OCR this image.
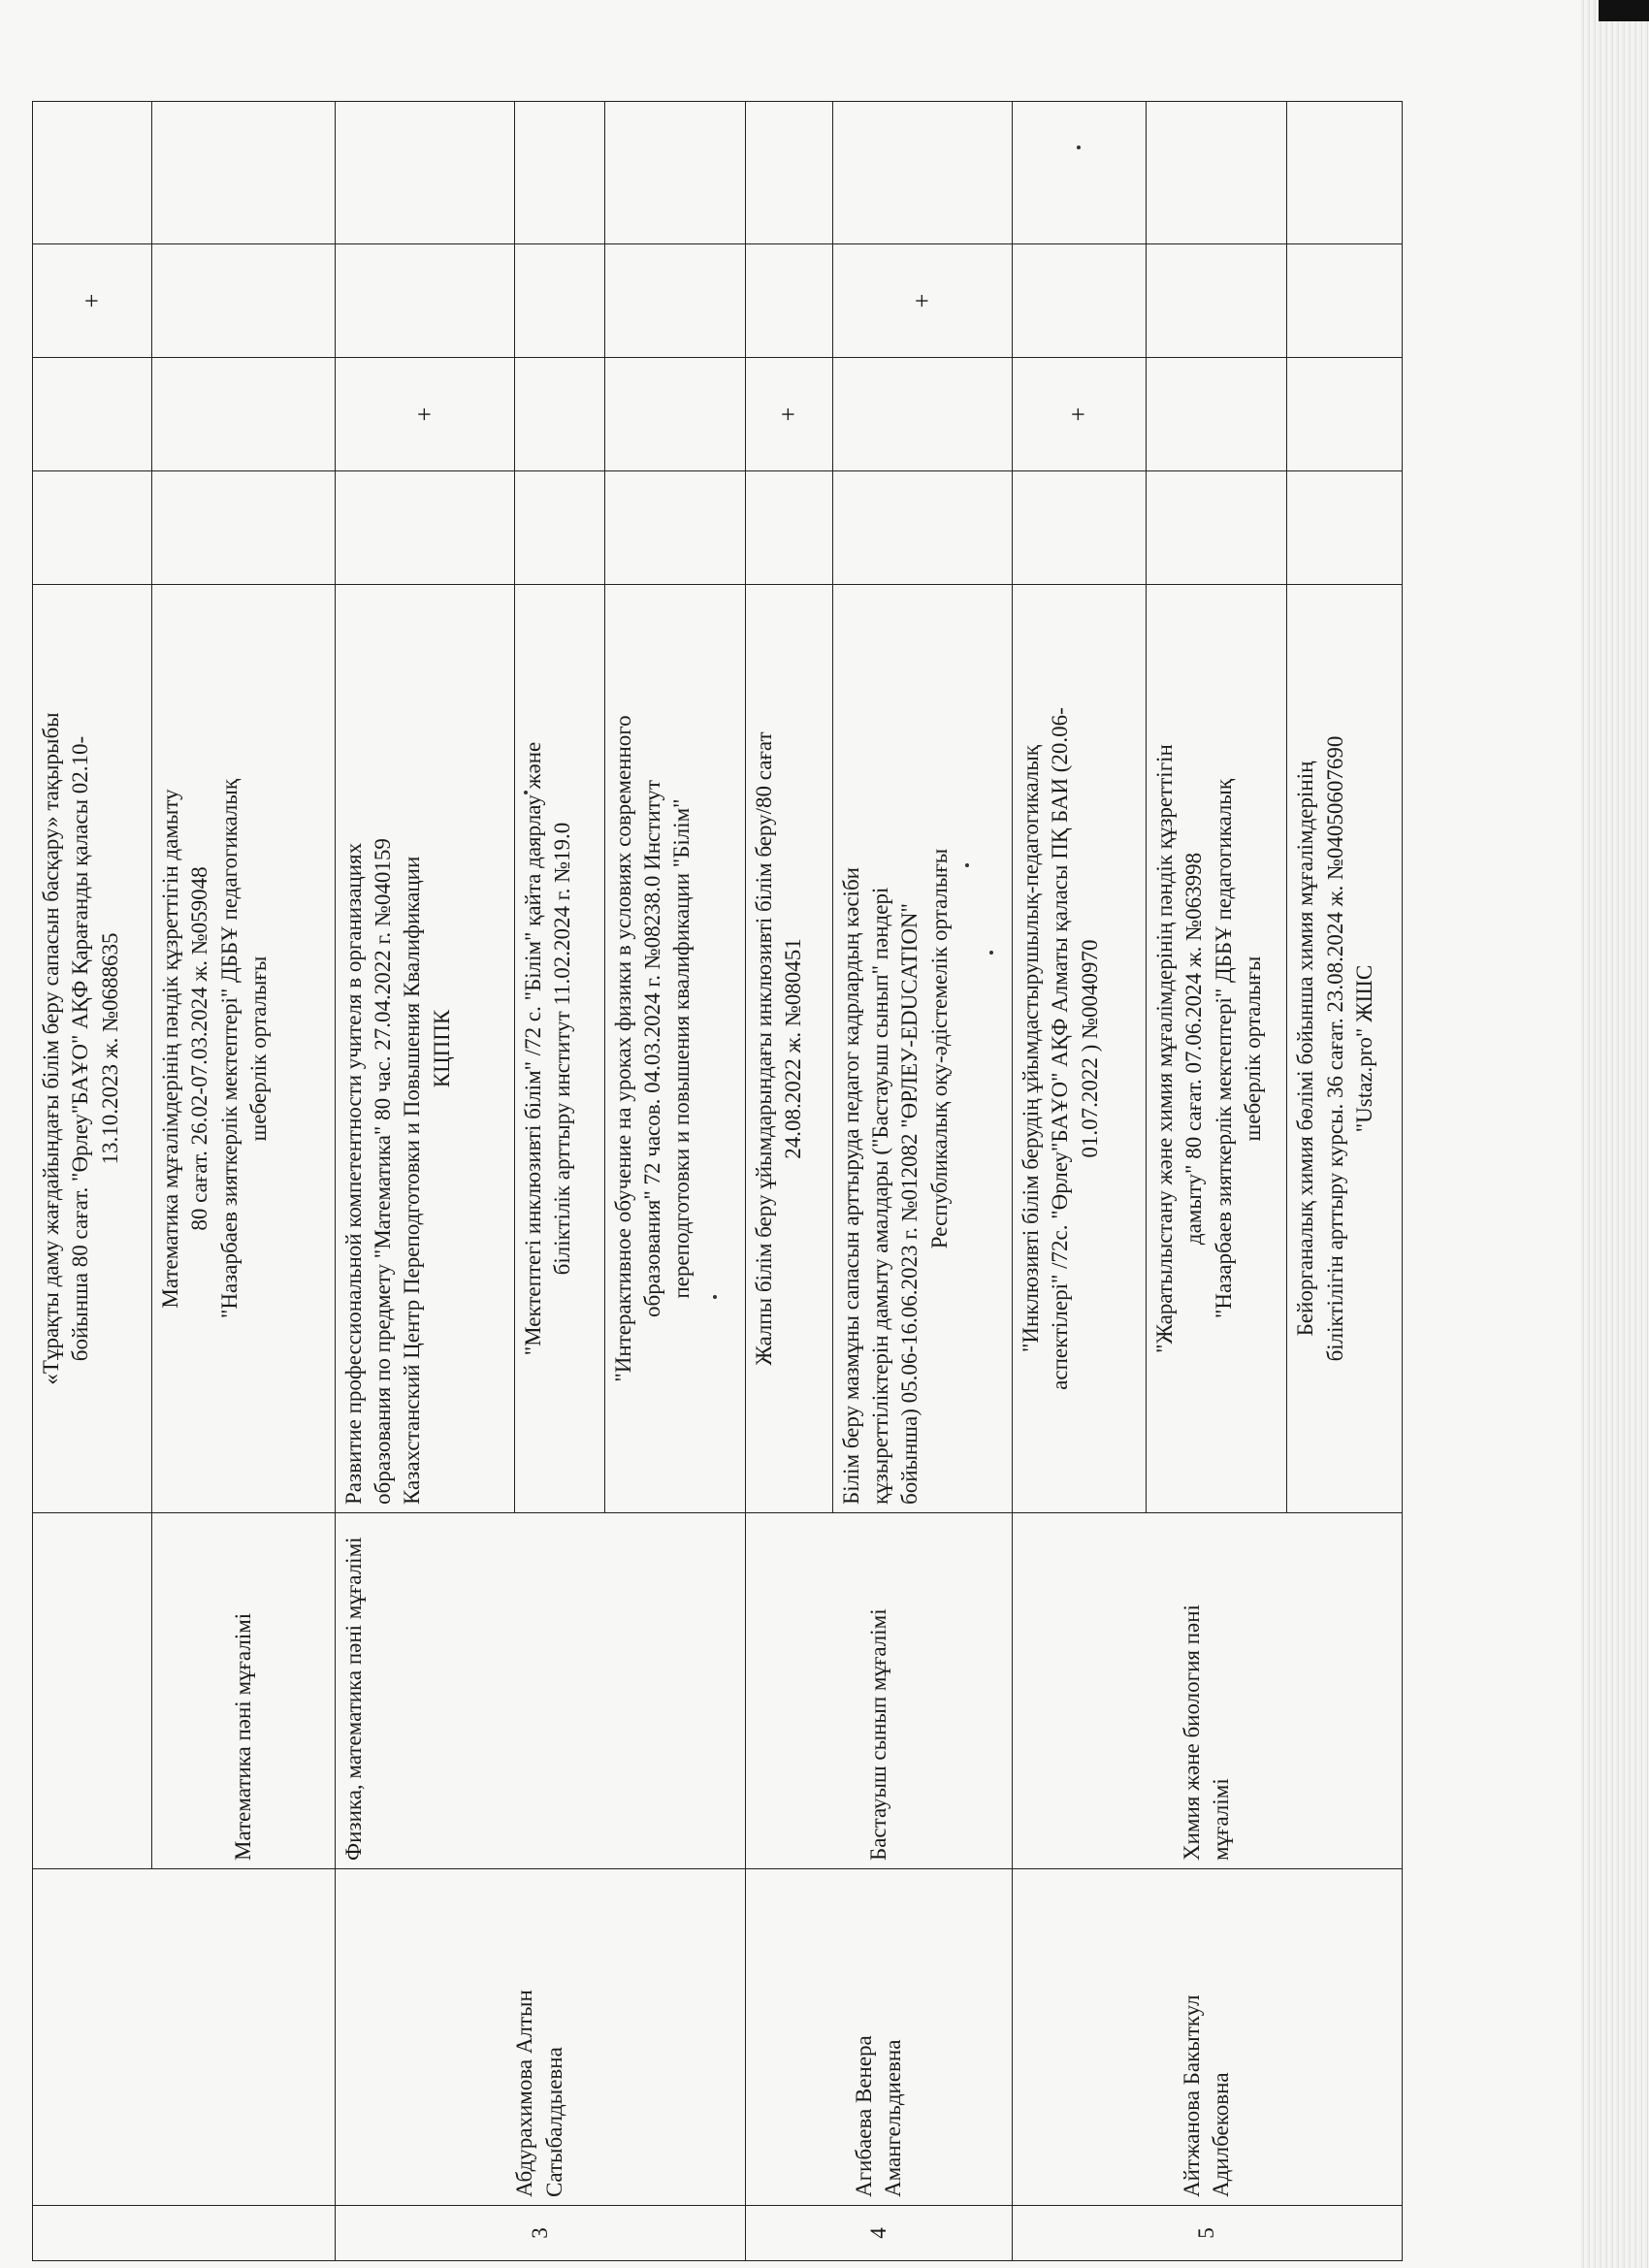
			«Тұрақты даму жағдайындағы білім беру сапасын басқару» тақырыбы бойынша 80 сағат. "Өрлеу"БАҰО" АҚФ Қарағанды қаласы 02.10- 13.10.2023 ж. №0688635			+	
		Математика пәні мұғалімі	Математика мұғалімдерінің пәндік құзреттігін дамыту 80 сағат. 26.02-07.03.2024 ж. №059048 "Назарбаев зияткерлік мектептері" ДББҰ педагогикалық шеберлік орталығы				

3	Абдурахимова Алтын Сатыбалдыевна	Физика, математика пәні мұғалімі	Развитие профессиональной компетентности учителя в организациях образования по предмету "Математика" 80 час. 27.04.2022 г. №040159 Казахстанский Центр Переподготовки и Повышения Квалификации КЦППК		+		

			"Мектептегі инклюзивті білім" /72 с. "Білім" қайта даярлау және біліктілік арттыру институт 11.02.2024 г. №19.0				

			"Интерактивное обучение на уроках физики в условиях современного образования" 72 часов. 04.03.2024 г. №08238.0 Институт переподготовки и повышения квалификации "Білім"				

4	Агибаева Венера Амангельдиевна	Бастауыш сынып мұғалімі	Жалпы білім беру ұйымдарындағы инклюзивті білім беру/80 сағат 24.08.2022 ж. №080451		+		

			Білім беру мазмұны сапасын арттыруда педагог кадрлардың кәсіби құзыреттіліктерін дамыту амалдары ("Бастауыш сынып" пәндері бойынша) 05.06-16.06.2023 г. №012082 "ӨРЛЕУ-EDUCATION" Республикалық оқу-әдістемелік орталығы			+	
5	Айтжанова Бакыткул Адилбековна	Химия және биология пәні мұғалімі	"Инклюзивті білім берудің ұйымдастырушылық-педагогикалық аспектілері" /72с. "Өрлеу"БАҰО" АҚФ Алматы қаласы ПҚ БАИ (20.06- 01.07.2022 ) №0040970		+		

			"Жаратылыстану және химия мұғалімдерінің пәндік құзреттігін дамыту" 80 сағат. 07.06.2024 ж. №063998 "Назарбаев зияткерлік мектептері" ДББҰ педагогикалық шеберлік орталығы				

			Бейорганалық химия бөлімі бойынша химия мұғалімдерінің біліктілігін арттыру курсы. 36 сағат. 23.08.2024 ж. №04050607690 "Ustaz.pro" ЖШС				
